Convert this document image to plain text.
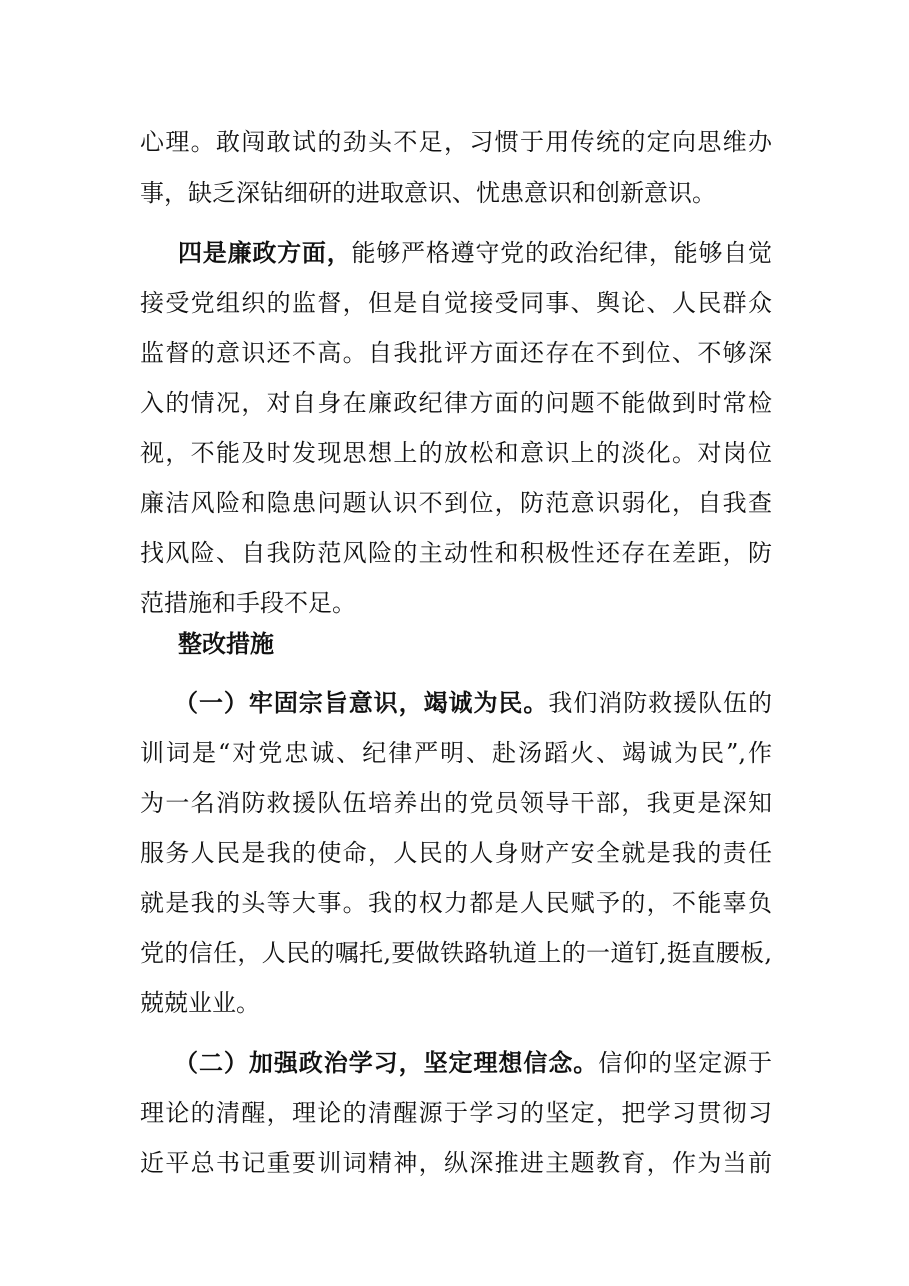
心理。敢闯敢试的劲头不足，习惯于用传统的定向思维办
事，缺乏深钻细研的进取意识、忧患意识和创新意识。
四是廉政方面，能够严格遵守党的政治纪律，能够自觉
接受党组织的监督，但是自觉接受同事、舆论、人民群众
监督的意识还不高。自我批评方面还存在不到位、不够深
入的情况，对自身在廉政纪律方面的问题不能做到时常检
视，不能及时发现思想上的放松和意识上的淡化。对岗位
廉洁风险和隐患问题认识不到位，防范意识弱化，自我查
找风险、自我防范风险的主动性和积极性还存在差距，防
范措施和手段不足。
整改措施
（一）牢固宗旨意识，竭诚为民。我们消防救援队伍的
训词是“对党忠诚、纪律严明、赴汤蹈火、竭诚为民”,作
为一名消防救援队伍培养出的党员领导干部，我更是深知
服务人民是我的使命，人民的人身财产安全就是我的责任
就是我的头等大事。我的权力都是人民赋予的，不能辜负
党的信任，人民的嘱托,要做铁路轨道上的一道钉,挺直腰板,
兢兢业业。
（二）加强政治学习，坚定理想信念。信仰的坚定源于
理论的清醒，理论的清醒源于学习的坚定，把学习贯彻习
近平总书记重要训词精神，纵深推进主题教育，作为当前
